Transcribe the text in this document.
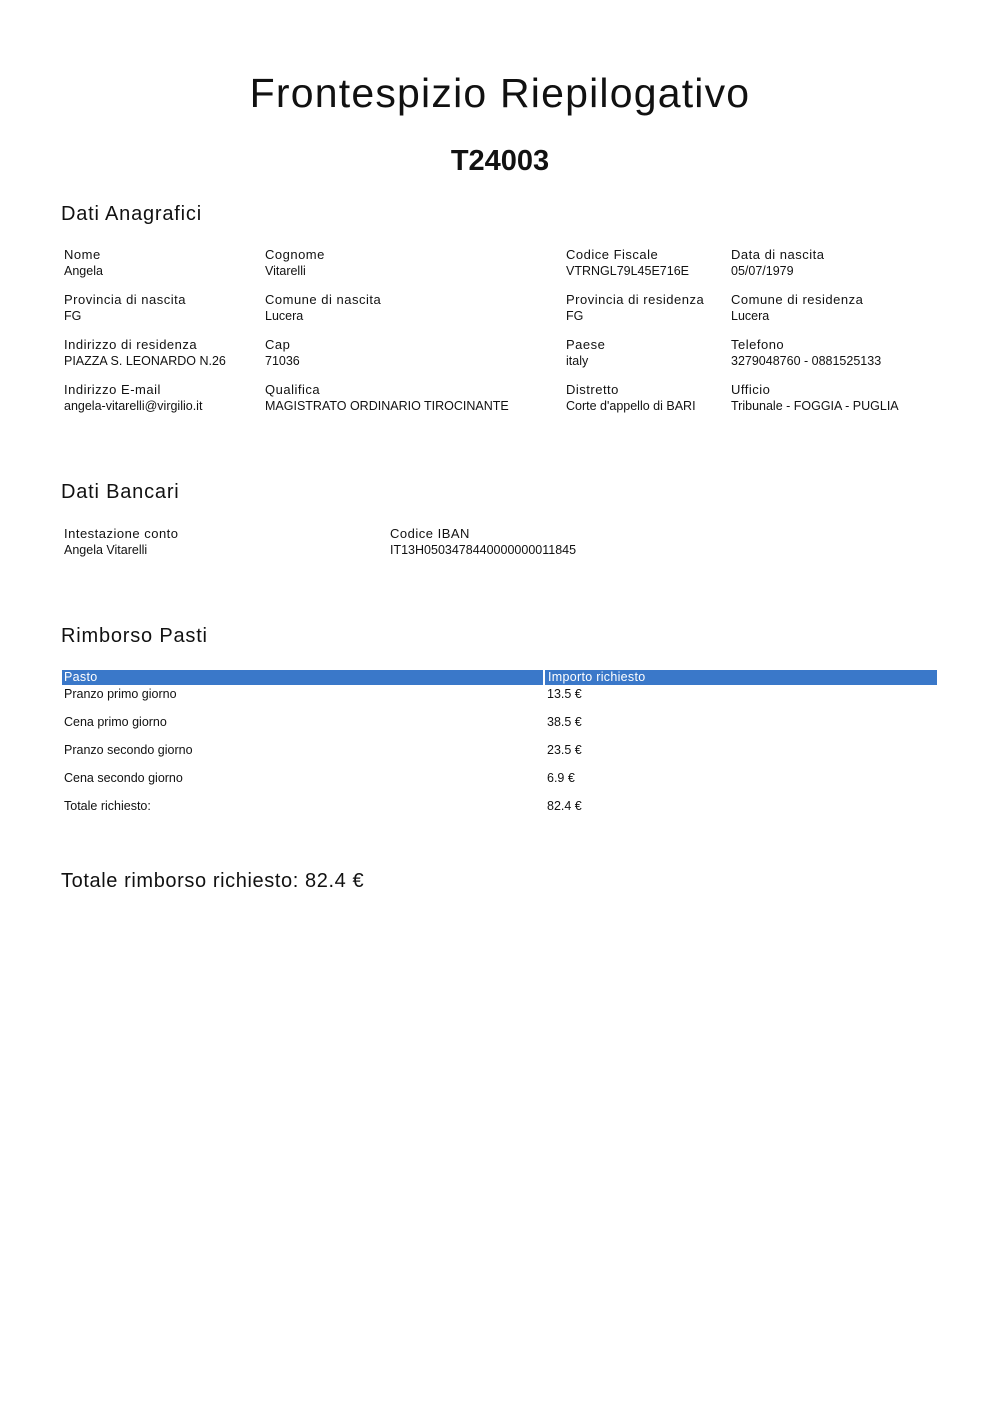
Frontespizio Riepilogativo
T24003
Dati Anagrafici
Nome
Angela
Cognome
Vitarelli
Codice Fiscale
VTRNGL79L45E716E
Data di nascita
05/07/1979
Provincia di nascita
FG
Comune di nascita
Lucera
Provincia di residenza
FG
Comune di residenza
Lucera
Indirizzo di residenza
PIAZZA S. LEONARDO N.26
Cap
71036
Paese
italy
Telefono
3279048760 - 0881525133
Indirizzo E-mail
angela-vitarelli@virgilio.it
Qualifica
MAGISTRATO ORDINARIO TIROCINANTE
Distretto
Corte d'appello di BARI
Ufficio
Tribunale - FOGGIA - PUGLIA
Dati Bancari
Intestazione conto
Angela Vitarelli
Codice IBAN
IT13H0503478440000000011845
Rimborso Pasti
Pasto	Importo richiesto
Pranzo primo giorno	13.5 €
Cena primo giorno	38.5 €
Pranzo secondo giorno	23.5 €
Cena secondo giorno	6.9 €
Totale richiesto:	82.4 €

Totale rimborso richiesto: 82.4 €
